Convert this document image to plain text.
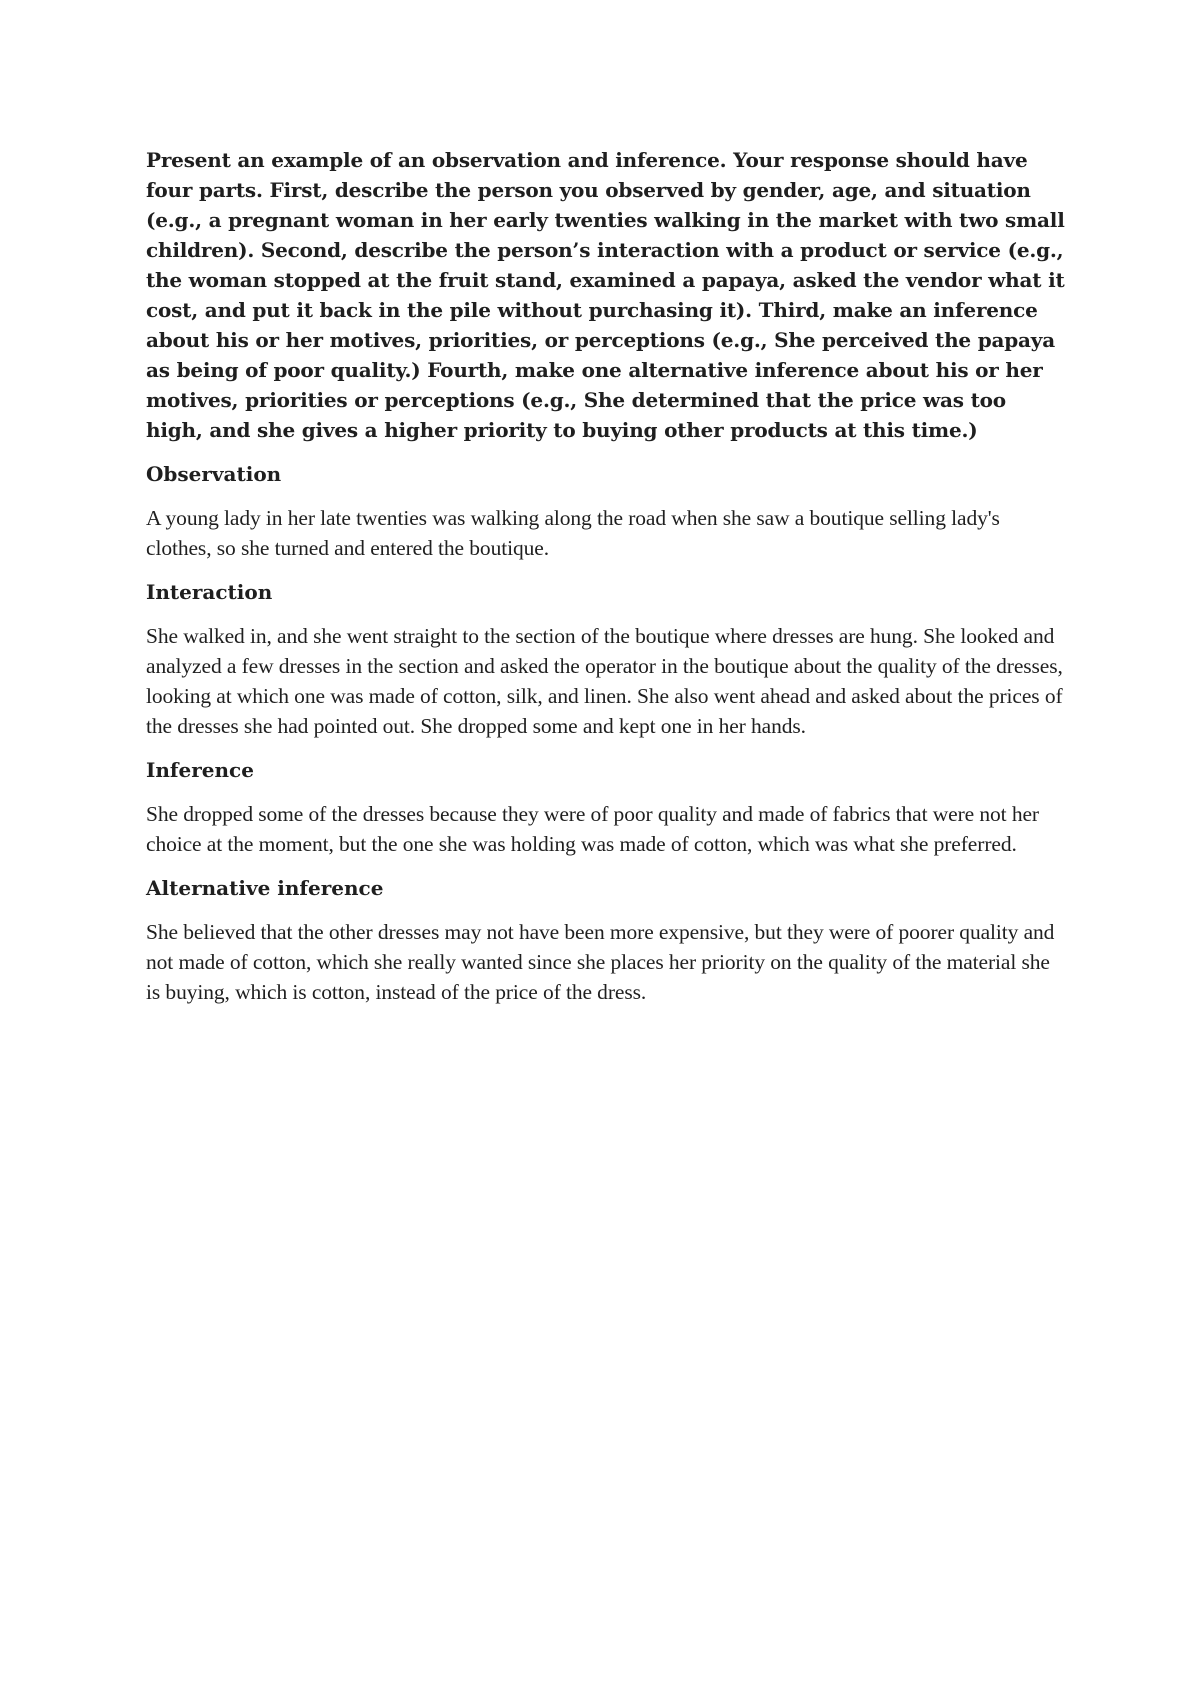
Present an example of an observation and inference. Your response should have four parts. First, describe the person you observed by gender, age, and situation (e.g., a pregnant woman in her early twenties walking in the market with two small children). Second, describe the person’s interaction with a product or service (e.g., the woman stopped at the fruit stand, examined a papaya, asked the vendor what it cost, and put it back in the pile without purchasing it). Third, make an inference about his or her motives, priorities, or perceptions (e.g., She perceived the papaya as being of poor quality.) Fourth, make one alternative inference about his or her motives, priorities or perceptions (e.g., She determined that the price was too high, and she gives a higher priority to buying other products at this time.)

Observation

A young lady in her late twenties was walking along the road when she saw a boutique selling lady's clothes, so she turned and entered the boutique.

Interaction

She walked in, and she went straight to the section of the boutique where dresses are hung. She looked and analyzed a few dresses in the section and asked the operator in the boutique about the quality of the dresses, looking at which one was made of cotton, silk, and linen. She also went ahead and asked about the prices of the dresses she had pointed out. She dropped some and kept one in her hands.

Inference

She dropped some of the dresses because they were of poor quality and made of fabrics that were not her choice at the moment, but the one she was holding was made of cotton, which was what she preferred.

Alternative inference

She believed that the other dresses may not have been more expensive, but they were of poorer quality and not made of cotton, which she really wanted since she places her priority on the quality of the material she is buying, which is cotton, instead of the price of the dress.
